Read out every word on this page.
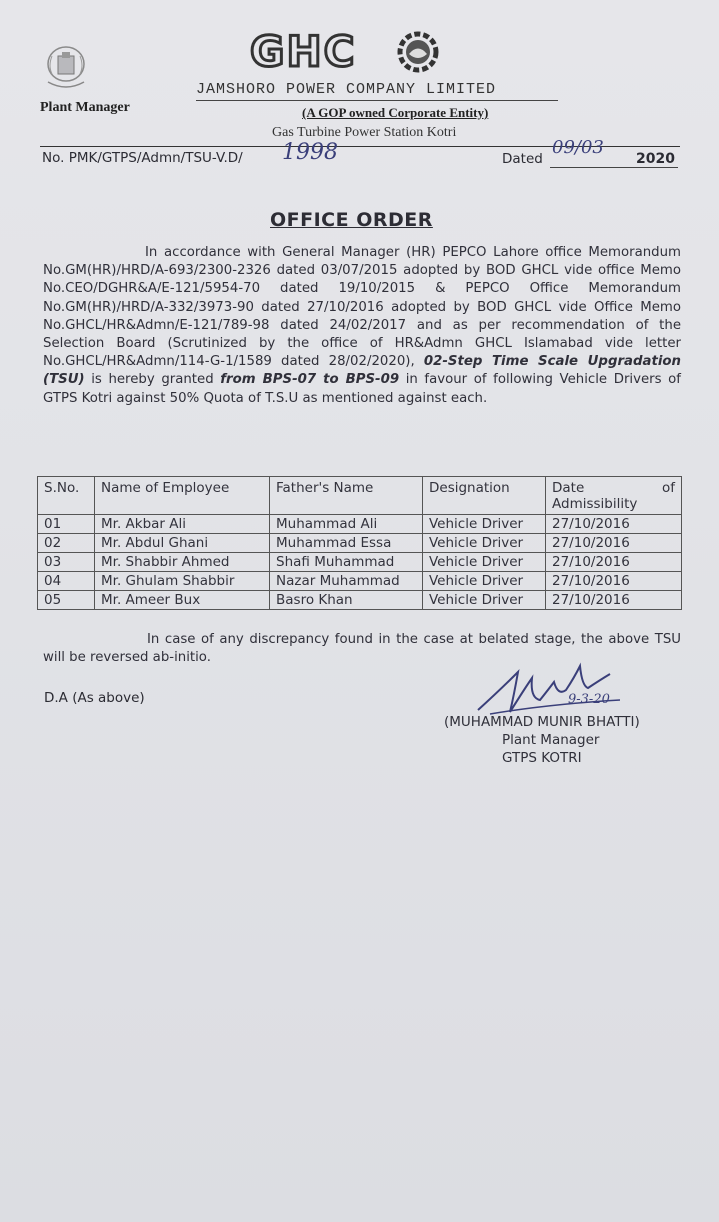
Plant Manager
GHC
JAMSHORO POWER COMPANY LIMITED
(A GOP owned Corporate Entity)
Gas Turbine Power Station Kotri
No. PMK/GTPS/Admn/TSU-V.D/ 1998	Dated
09/03
2020
OFFICE ORDER
In accordance with General Manager (HR) PEPCO Lahore office Memorandum No.GM(HR)/HRD/A-693/2300-2326 dated 03/07/2015 adopted by BOD GHCL vide office Memo No.CEO/DGHR&A/E-121/5954-70 dated 19/10/2015 & PEPCO Office Memorandum No.GM(HR)/HRD/A-332/3973-90 dated 27/10/2016 adopted by BOD GHCL vide Office Memo No.GHCL/HR&Admn/E-121/789-98 dated 24/02/2017 and as per recommendation of the Selection Board (Scrutinized by the office of HR&Admn GHCL Islamabad vide letter No.GHCL/HR&Admn/114-G-1/1589 dated 28/02/2020), 02-Step Time Scale Upgradation (TSU) is hereby granted from BPS-07 to BPS-09 in favour of following Vehicle Drivers of GTPS Kotri against 50% Quota of T.S.U as mentioned against each.
S.No.	Name of Employee	Father's Name	Designation	Date of
Admissibility

01	Mr. Akbar Ali	Muhammad Ali	Vehicle Driver	27/10/2016
02	Mr. Abdul Ghani	Muhammad Essa	Vehicle Driver	27/10/2016
03	Mr. Shabbir Ahmed	Shafi Muhammad	Vehicle Driver	27/10/2016
04	Mr. Ghulam Shabbir	Nazar Muhammad	Vehicle Driver	27/10/2016
05	Mr. Ameer Bux	Basro Khan	Vehicle Driver	27/10/2016
In case of any discrepancy found in the case at belated stage, the above TSU will be reversed ab-initio.
D.A (As above)	9-3-20
(MUHAMMAD MUNIR BHATTI)
Plant Manager
GTPS KOTRI
